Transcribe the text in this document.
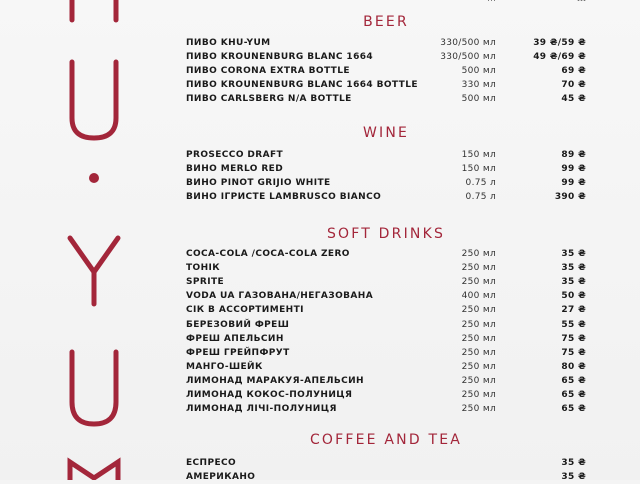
BEER
ПИВО KHU-YUM	330/500 мл	39 ₴/59 ₴
ПИВО KROUNENBURG BLANC 1664	330/500 мл	49 ₴/69 ₴
ПИВО CORONA EXTRA BOTTLE	500 мл	69 ₴
ПИВО KROUNENBURG BLANC 1664 BOTTLE	330 мл	70 ₴
ПИВО CARLSBERG N/A BOTTLE	500 мл	45 ₴
WINE
PROSECCO DRAFT	150 мл	89 ₴
ВИНО MERLO RED	150 мл	99 ₴
ВИНО PINOT GRIJIO WHITE	0.75 л	99 ₴
ВИНО ІГРИСТЕ LAMBRUSCO BIANCO	0.75 л	390 ₴
SOFT DRINKS
COCA-COLA /COCA-COLA ZERO	250 мл	35 ₴
ТОНІК	250 мл	35 ₴
SPRITE	250 мл	35 ₴
VODA UA ГАЗОВАНА/НЕГАЗОВАНА	400 мл	50 ₴
СІК В АССОРТИМЕНТІ	250 мл	27 ₴
БЕРЕЗОВИЙ ФРЕШ	250 мл	55 ₴
ФРЕШ АПЕЛЬСИН	250 мл	75 ₴
ФРЕШ ГРЕЙПФРУТ	250 мл	75 ₴
МАНГО-ШЕЙК	250 мл	80 ₴
ЛИМОНАД МАРАКУЯ-АПЕЛЬСИН	250 мл	65 ₴
ЛИМОНАД КОКОС-ПОЛУНИЦЯ	250 мл	65 ₴
ЛИМОНАД ЛІЧІ-ПОЛУНИЦЯ	250 мл	65 ₴
COFFEE AND TEA
ЕСПРЕСО	35 ₴
АМЕРИКАНО	35 ₴
